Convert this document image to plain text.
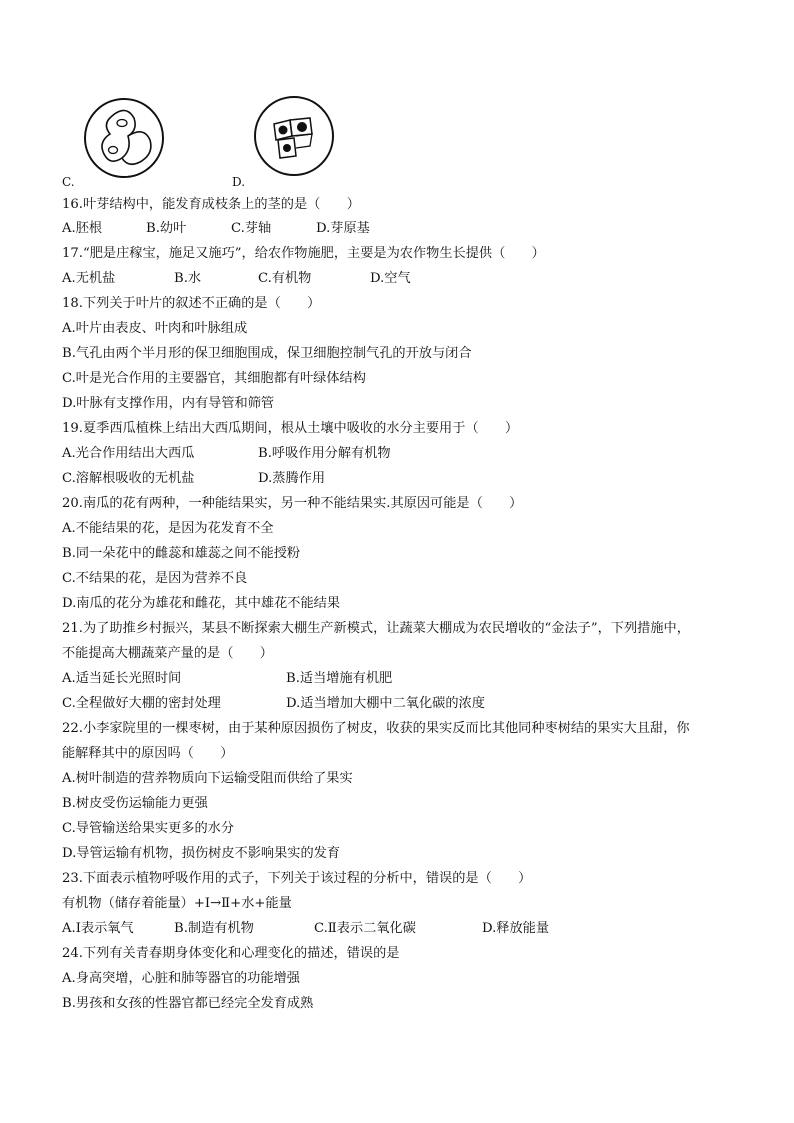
C.	D.
16.叶芽结构中，能发育成枝条上的茎的是（　　）
A.胚根	B.幼叶	C.芽轴	D.芽原基
17.“肥是庄稼宝，施足又施巧”，给农作物施肥，主要是为农作物生长提供（　　）
A.无机盐	B.水	C.有机物	D.空气
18.下列关于叶片的叙述不正确的是（　　）
A.叶片由表皮、叶肉和叶脉组成
B.气孔由两个半月形的保卫细胞围成，保卫细胞控制气孔的开放与闭合
C.叶是光合作用的主要器官，其细胞都有叶绿体结构
D.叶脉有支撑作用，内有导管和筛管
19.夏季西瓜植株上结出大西瓜期间，根从土壤中吸收的水分主要用于（　　）
A.光合作用结出大西瓜	B.呼吸作用分解有机物
C.溶解根吸收的无机盐	D.蒸腾作用
20.南瓜的花有两种，一种能结果实，另一种不能结果实.其原因可能是（　　）
A.不能结果的花，是因为花发育不全
B.同一朵花中的雌蕊和雄蕊之间不能授粉
C.不结果的花，是因为营养不良
D.南瓜的花分为雄花和雌花，其中雄花不能结果
21.为了助推乡村振兴，某县不断探索大棚生产新模式，让蔬菜大棚成为农民增收的“金法子”，下列措施中，
不能提高大棚蔬菜产量的是（　　）
A.适当延长光照时间	B.适当增施有机肥
C.全程做好大棚的密封处理	D.适当增加大棚中二氧化碳的浓度
22.小李家院里的一棵枣树，由于某种原因损伤了树皮，收获的果实反而比其他同种枣树结的果实大且甜，你
能解释其中的原因吗（　　）
A.树叶制造的营养物质向下运输受阻而供给了果实
B.树皮受伤运输能力更强
C.导管输送给果实更多的水分
D.导管运输有机物，损伤树皮不影响果实的发育
23.下面表示植物呼吸作用的式子，下列关于该过程的分析中，错误的是（　　）
有机物（储存着能量）+Ⅰ→Ⅱ+水+能量
A.Ⅰ表示氧气	B.制造有机物	C.Ⅱ表示二氧化碳	D.释放能量
24.下列有关青春期身体变化和心理变化的描述，错误的是
A.身高突增，心脏和肺等器官的功能增强
B.男孩和女孩的性器官都已经完全发育成熟
